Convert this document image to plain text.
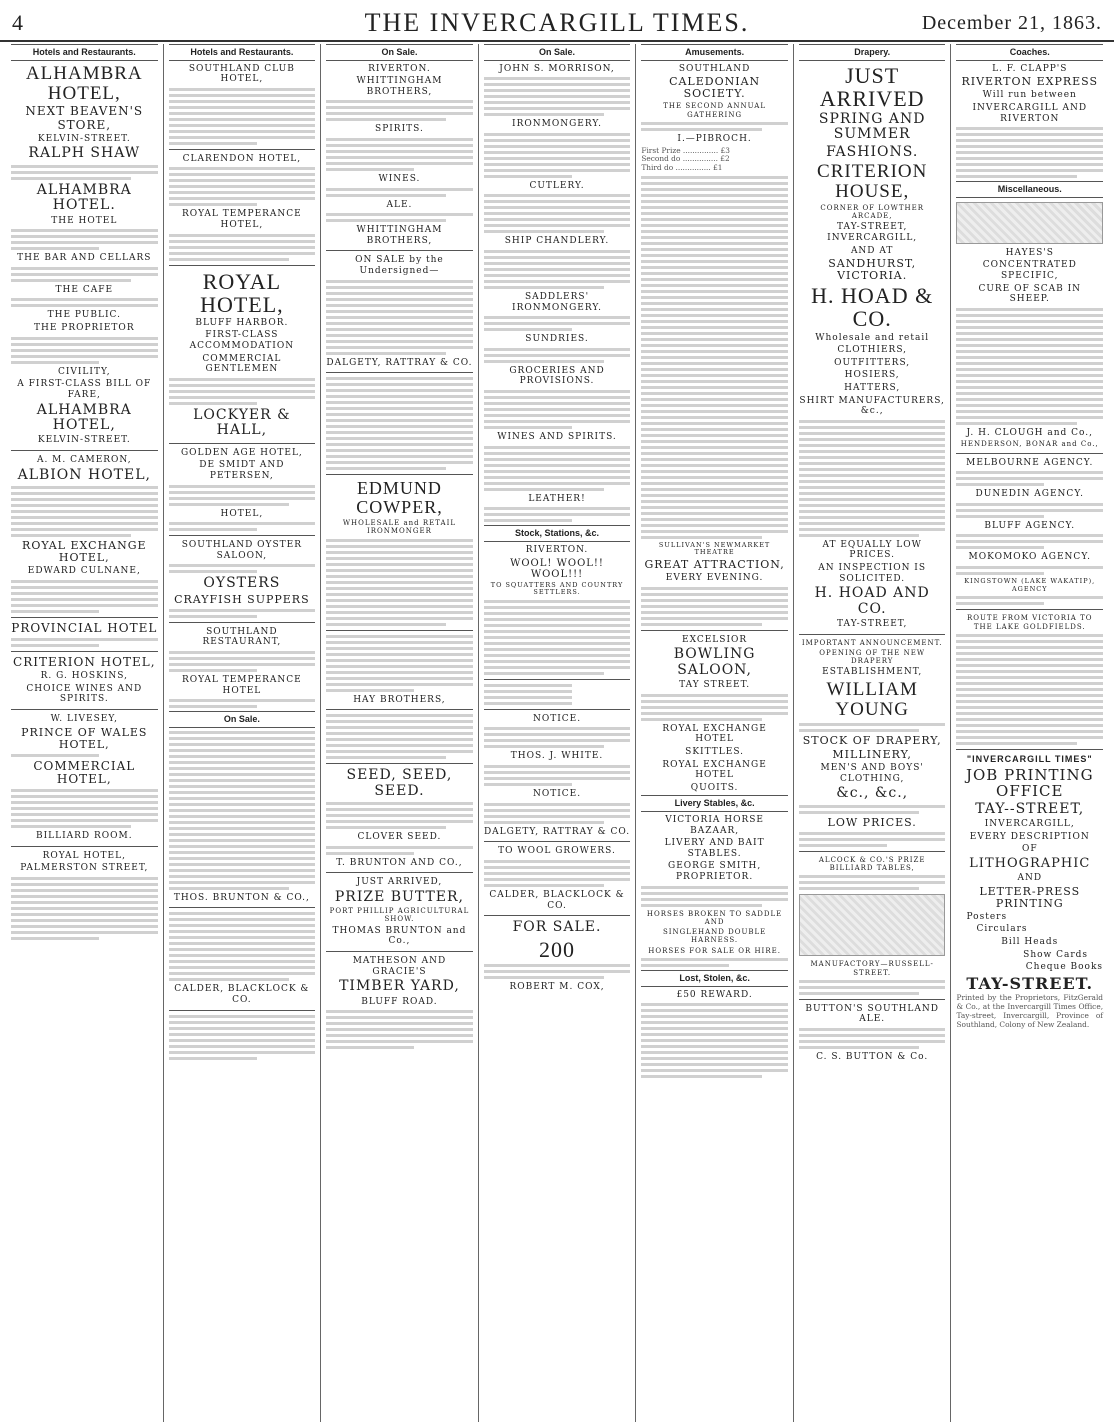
4	THE INVERCARGILL TIMES.	December 21, 1863.
Hotels and Restaurants.
ALHAMBRA HOTEL,
NEXT BEAVEN'S STORE,
KELVIN-STREET.
RALPH SHAW
ALHAMBRA HOTEL.
THE HOTEL
THE BAR AND CELLARS
THE CAFE
THE PUBLIC.
THE PROPRIETOR
CIVILITY,
A FIRST-CLASS BILL OF FARE,
ALHAMBRA HOTEL,
KELVIN-STREET.
A. M. CAMERON,
ALBION HOTEL,
ROYAL EXCHANGE HOTEL,
EDWARD CULNANE,
PROVINCIAL HOTEL
CRITERION HOTEL,
R. G. HOSKINS,
CHOICE WINES AND SPIRITS.
W. LIVESEY,
PRINCE OF WALES HOTEL,
COMMERCIAL HOTEL,
BILLIARD ROOM.
ROYAL HOTEL,
PALMERSTON STREET,
Hotels and Restaurants.
SOUTHLAND CLUB HOTEL,
CLARENDON HOTEL,
ROYAL TEMPERANCE HOTEL,
ROYAL HOTEL,
BLUFF HARBOR.
FIRST-CLASS ACCOMMODATION
COMMERCIAL GENTLEMEN
LOCKYER & HALL,
GOLDEN AGE HOTEL,
DE SMIDT AND PETERSEN,
HOTEL,
SOUTHLAND OYSTER SALOON,
OYSTERS
CRAYFISH SUPPERS
SOUTHLAND RESTAURANT,
ROYAL TEMPERANCE HOTEL
On Sale.
THOS. BRUNTON & CO.,
CALDER, BLACKLOCK & CO.
On Sale.
RIVERTON.
WHITTINGHAM BROTHERS,
SPIRITS.
WINES.
ALE.
WHITTINGHAM BROTHERS,
ON SALE by the Undersigned—
DALGETY, RATTRAY & CO.
EDMUND COWPER,
WHOLESALE and RETAIL IRONMONGER
HAY BROTHERS,
SEED, SEED, SEED.
CLOVER SEED.
T. BRUNTON AND CO.,
JUST ARRIVED,
PRIZE BUTTER,
PORT PHILLIP AGRICULTURAL SHOW.
THOMAS BRUNTON and Co.,
MATHESON AND GRACIE'S
TIMBER YARD,
BLUFF ROAD.
On Sale.
JOHN S. MORRISON,
IRONMONGERY.
CUTLERY.
SHIP CHANDLERY.
SADDLERS' IRONMONGERY.
SUNDRIES.
GROCERIES AND PROVISIONS.
WINES AND SPIRITS.
LEATHER!
Stock, Stations, &c.
RIVERTON.
WOOL! WOOL!! WOOL!!!
TO SQUATTERS AND COUNTRY SETTLERS.
NOTICE.
THOS. J. WHITE.
NOTICE.
DALGETY, RATTRAY & CO.
TO WOOL GROWERS.
CALDER, BLACKLOCK & CO.
FOR SALE.
200
ROBERT M. COX,
Amusements.
SOUTHLAND
CALEDONIAN SOCIETY.
THE SECOND ANNUAL GATHERING
I.—PIBROCH.
First Prize ............... £3
Second do ............... £2
Third do ............... £1
SULLIVAN'S NEWMARKET THEATRE
GREAT ATTRACTION,
EVERY EVENING.
EXCELSIOR
BOWLING SALOON,
TAY STREET.
ROYAL EXCHANGE HOTEL
SKITTLES.
ROYAL EXCHANGE HOTEL
QUOITS.
Livery Stables, &c.
VICTORIA HORSE BAZAAR,
LIVERY AND BAIT STABLES.
GEORGE SMITH, PROPRIETOR.
HORSES BROKEN TO SADDLE AND
SINGLEHAND DOUBLE HARNESS.
HORSES FOR SALE OR HIRE.
Lost, Stolen, &c.
£50 REWARD.
Drapery.
JUST ARRIVED
SPRING AND SUMMER
FASHIONS.
CRITERION HOUSE,
CORNER OF LOWTHER ARCADE,
TAY-STREET, INVERCARGILL,
AND AT
SANDHURST, VICTORIA.
H. HOAD & CO.
Wholesale and retail
CLOTHIERS,
OUTFITTERS,
HOSIERS,
HATTERS,
SHIRT MANUFACTURERS, &c.,
AT EQUALLY LOW PRICES.
AN INSPECTION IS SOLICITED.
H. HOAD AND CO.
TAY-STREET,
IMPORTANT ANNOUNCEMENT.
OPENING OF THE NEW DRAPERY
ESTABLISHMENT,
WILLIAM YOUNG
STOCK OF DRAPERY,
MILLINERY,
MEN'S AND BOYS' CLOTHING,
&c., &c.,
LOW PRICES.
ALCOCK & CO.'S PRIZE BILLIARD TABLES,
MANUFACTORY—RUSSELL-STREET.
BUTTON'S SOUTHLAND ALE.
C. S. BUTTON & Co.
Coaches.
L. F. CLAPP'S
RIVERTON EXPRESS
Will run between
INVERCARGILL AND RIVERTON
Miscellaneous.
HAYES'S
CONCENTRATED SPECIFIC,
CURE OF SCAB IN SHEEP.
J. H. CLOUGH and Co.,
HENDERSON, BONAR and Co.,
MELBOURNE AGENCY.
DUNEDIN AGENCY.
BLUFF AGENCY.
MOKOMOKO AGENCY.
KINGSTOWN (LAKE WAKATIP), AGENCY
ROUTE FROM VICTORIA TO THE LAKE GOLDFIELDS.
"INVERCARGILL TIMES"
JOB PRINTING OFFICE
TAY--STREET,
INVERCARGILL,
EVERY DESCRIPTION
OF
LITHOGRAPHIC
AND
LETTER-PRESS PRINTING
Posters
Circulars
Bill Heads
Show Cards
Cheque Books
TAY-STREET.
Printed by the Proprietors, FitzGerald & Co., at the Invercargill Times Office, Tay-street, Invercargill, Province of Southland, Colony of New Zealand.
